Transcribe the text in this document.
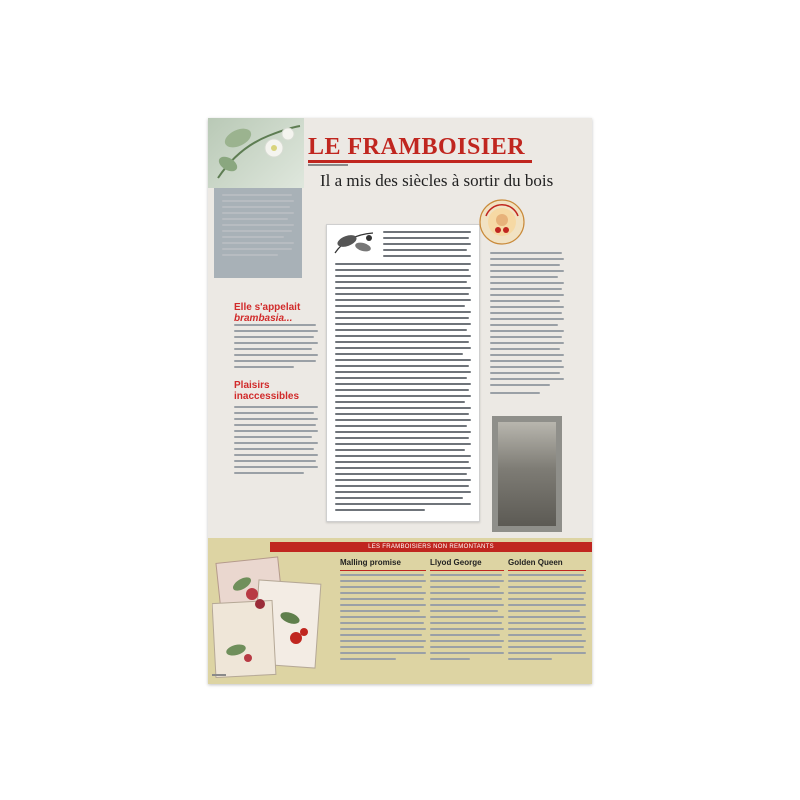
LE FRAMBOISIER
Il a mis des siècles à sortir du bois
Elle s'appelait
brambasia...
Plaisirs
inaccessibles
LES FRAMBOISIERS NON REMONTANTS
Malling promise	Llyod George	Golden Queen
